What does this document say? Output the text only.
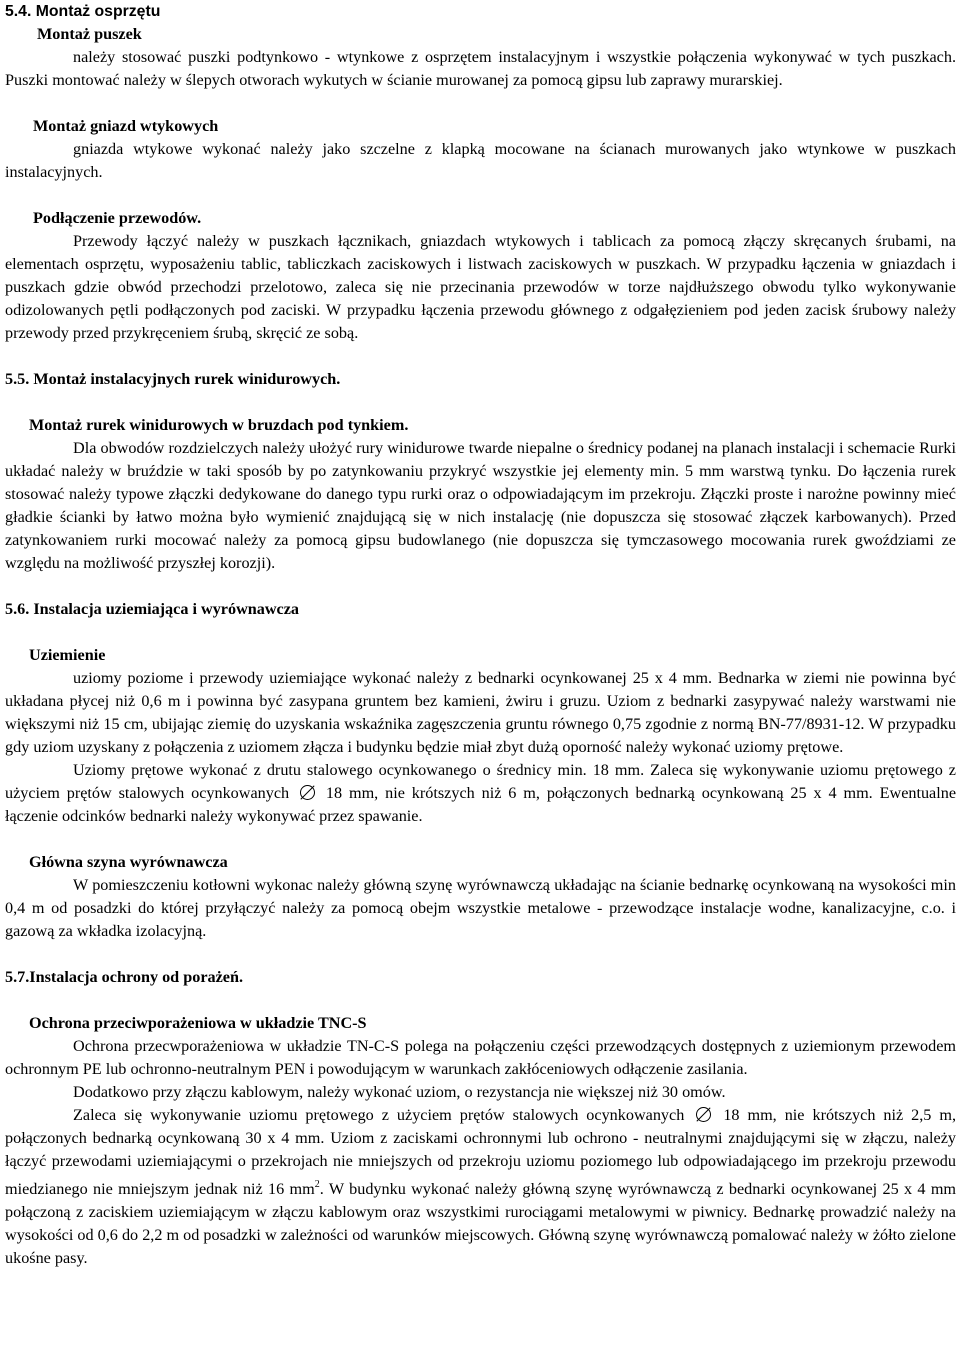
5.4. Montaż osprzętu
Montaż puszek

należy stosować puszki podtynkowo - wtynkowe z osprzętem instalacyjnym i wszystkie połączenia wykonywać w tych puszkach. Puszki montować należy w ślepych otworach wykutych w ścianie murowanej za pomocą gipsu lub zaprawy murarskiej.

Montaż gniazd wtykowych

gniazda wtykowe wykonać należy jako szczelne z klapką mocowane na ścianach murowanych jako wtynkowe w puszkach instalacyjnych.

Podłączenie przewodów.

Przewody łączyć należy w puszkach łącznikach, gniazdach wtykowych i tablicach za pomocą złączy skręcanych śrubami, na elementach osprzętu, wyposażeniu tablic, tabliczkach zaciskowych i listwach zaciskowych w puszkach. W przypadku łączenia w gniazdach i puszkach gdzie obwód przechodzi przelotowo, zaleca się nie przecinania przewodów w torze najdłuższego obwodu tylko wykonywanie odizolowanych pętli podłączonych pod zaciski. W przypadku łączenia przewodu głównego z odgałęzieniem pod jeden zacisk śrubowy należy przewody przed przykręceniem śrubą, skręcić ze sobą.

5.5. Montaż instalacyjnych rurek winidurowych.
Montaż rurek winidurowych w bruzdach pod tynkiem.

Dla obwodów rozdzielczych należy ułożyć rury winidurowe twarde niepalne o średnicy podanej na planach instalacji i schemacie Rurki układać należy w bruździe w taki sposób by po zatynkowaniu przykryć wszystkie jej elementy min. 5 mm warstwą tynku. Do łączenia rurek stosować należy typowe złączki dedykowane do danego typu rurki oraz o odpowiadającym im przekroju. Złączki proste i narożne powinny mieć gładkie ścianki by łatwo można było wymienić znajdującą się w nich instalację (nie dopuszcza się stosować złączek karbowanych). Przed zatynkowaniem rurki mocować należy za pomocą gipsu budowlanego (nie dopuszcza się tymczasowego mocowania rurek gwoździami ze względu na możliwość przyszłej korozji).

5.6. Instalacja uziemiająca i wyrównawcza
Uziemienie

uziomy poziome i przewody uziemiające wykonać należy z bednarki ocynkowanej 25 x 4 mm. Bednarka w ziemi nie powinna być układana płycej niż 0,6 m i powinna być zasypana gruntem bez kamieni, żwiru i gruzu. Uziom z bednarki zasypywać należy warstwami nie większymi niż 15 cm, ubijając ziemię do uzyskania wskaźnika zagęszczenia gruntu równego 0,75 zgodnie z normą BN-77/8931-12. W przypadku gdy uziom uzyskany z połączenia z uziomem złącza i budynku będzie miał zbyt dużą oporność należy wykonać uziomy prętowe.

Uziomy prętowe wykonać z drutu stalowego ocynkowanego o średnicy min. 18 mm. Zaleca się wykonywanie uziomu prętowego z użyciem prętów stalowych ocynkowanych 18 mm, nie krótszych niż 6 m, połączonych bednarką ocynkowaną 25 x 4 mm. Ewentualne łączenie odcinków bednarki należy wykonywać przez spawanie.

Główna szyna wyrównawcza

W pomieszczeniu kotłowni wykonac należy główną szynę wyrównawczą układając na ścianie bednarkę ocynkowaną na wysokości min 0,4 m od posadzki do której przyłączyć należy za pomocą obejm wszystkie metalowe - przewodzące instalacje wodne, kanalizacyjne, c.o. i gazową za wkładka izolacyjną.

5.7.Instalacja ochrony od porażeń.
Ochrona przeciwporażeniowa w układzie TNC-S

Ochrona przecwporażeniowa w układzie TN-C-S polega na połączeniu części przewodzących dostępnych z uziemionym przewodem ochronnym PE lub ochronno-neutralnym PEN i powodującym w warunkach zakłóceniowych odłączenie zasilania.

Dodatkowo przy złączu kablowym, należy wykonać uziom, o rezystancja nie większej niż 30 omów.

Zaleca się wykonywanie uziomu prętowego z użyciem prętów stalowych ocynkowanych 18 mm, nie krótszych niż 2,5 m, połączonych bednarką ocynkowaną 30 x 4 mm. Uziom z zaciskami ochronnymi lub ochrono - neutralnymi znajdującymi się w złączu, należy łączyć przewodami uziemiającymi o przekrojach nie mniejszych od przekroju uziomu poziomego lub odpowiadającego im przekroju przewodu miedzianego nie mniejszym jednak niż 16 $mm^2$. W budynku wykonać należy główną szynę wyrównawczą z bednarki ocynkowanej 25 x 4 mm połączoną z zaciskiem uziemiającym w złączu kablowym oraz wszystkimi rurociągami metalowymi w piwnicy. Bednarkę prowadzić należy na wysokości od 0,6 do 2,2 m od posadzki w zależności od warunków miejscowych. Główną szynę wyrównawczą pomalować należy w żółto zielone ukośne pasy.
